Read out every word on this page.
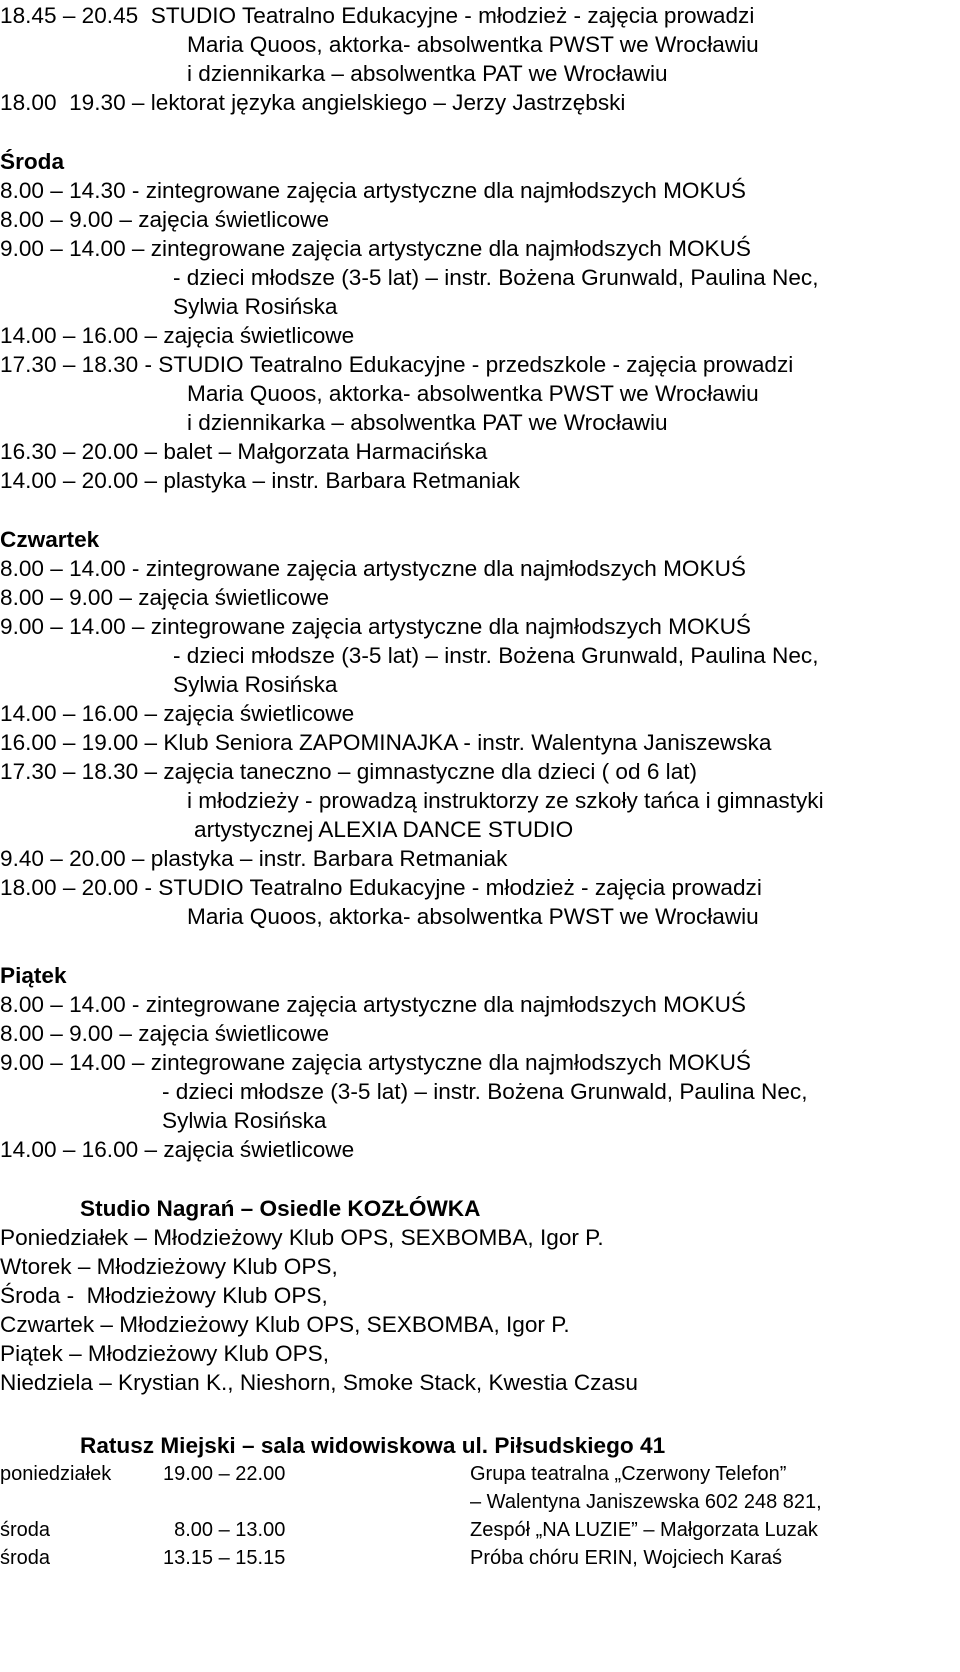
18.45 – 20.45  STUDIO Teatralno Edukacyjne - młodzież - zajęcia prowadzi
Maria Quoos, aktorka- absolwentka PWST we Wrocławiu
i dziennikarka – absolwentka PAT we Wrocławiu
18.00  19.30 – lektorat języka angielskiego – Jerzy Jastrzębski
Środa
8.00 – 14.30 - zintegrowane zajęcia artystyczne dla najmłodszych MOKUŚ
8.00 – 9.00 – zajęcia świetlicowe
9.00 – 14.00 – zintegrowane zajęcia artystyczne dla najmłodszych MOKUŚ
- dzieci młodsze (3-5 lat) – instr. Bożena Grunwald, Paulina Nec,
Sylwia Rosińska
14.00 – 16.00 – zajęcia świetlicowe
17.30 – 18.30 - STUDIO Teatralno Edukacyjne - przedszkole - zajęcia prowadzi
Maria Quoos, aktorka- absolwentka PWST we Wrocławiu
i dziennikarka – absolwentka PAT we Wrocławiu
16.30 – 20.00 – balet – Małgorzata Harmacińska
14.00 – 20.00 – plastyka – instr. Barbara Retmaniak
Czwartek
8.00 – 14.00 - zintegrowane zajęcia artystyczne dla najmłodszych MOKUŚ
8.00 – 9.00 – zajęcia świetlicowe
9.00 – 14.00 – zintegrowane zajęcia artystyczne dla najmłodszych MOKUŚ
- dzieci młodsze (3-5 lat) – instr. Bożena Grunwald, Paulina Nec,
Sylwia Rosińska
14.00 – 16.00 – zajęcia świetlicowe
16.00 – 19.00 – Klub Seniora ZAPOMINAJKA - instr. Walentyna Janiszewska
17.30 – 18.30 – zajęcia taneczno – gimnastyczne dla dzieci ( od 6 lat)
i młodzieży - prowadzą instruktorzy ze szkoły tańca i gimnastyki
artystycznej ALEXIA DANCE STUDIO
9.40 – 20.00 – plastyka – instr. Barbara Retmaniak
18.00 – 20.00 - STUDIO Teatralno Edukacyjne - młodzież - zajęcia prowadzi
Maria Quoos, aktorka- absolwentka PWST we Wrocławiu
Piątek
8.00 – 14.00 - zintegrowane zajęcia artystyczne dla najmłodszych MOKUŚ
8.00 – 9.00 – zajęcia świetlicowe
9.00 – 14.00 – zintegrowane zajęcia artystyczne dla najmłodszych MOKUŚ
- dzieci młodsze (3-5 lat) – instr. Bożena Grunwald, Paulina Nec,
Sylwia Rosińska
14.00 – 16.00 – zajęcia świetlicowe
Studio Nagrań – Osiedle KOZŁÓWKA
Poniedziałek – Młodzieżowy Klub OPS, SEXBOMBA, Igor P.
Wtorek – Młodzieżowy Klub OPS,
Środa -  Młodzieżowy Klub OPS,
Czwartek – Młodzieżowy Klub OPS, SEXBOMBA, Igor P.
Piątek – Młodzieżowy Klub OPS,
Niedziela – Krystian K., Nieshorn, Smoke Stack, Kwestia Czasu
Ratusz Miejski – sala widowiskowa ul. Piłsudskiego 41
poniedziałek	19.00 – 22.00	Grupa teatralna „Czerwony Telefon”
– Walentyna Janiszewska 602 248 821,
środa	8.00 – 13.00	Zespół „NA LUZIE” – Małgorzata Luzak
środa	13.15 – 15.15	Próba chóru ERIN, Wojciech Karaś
